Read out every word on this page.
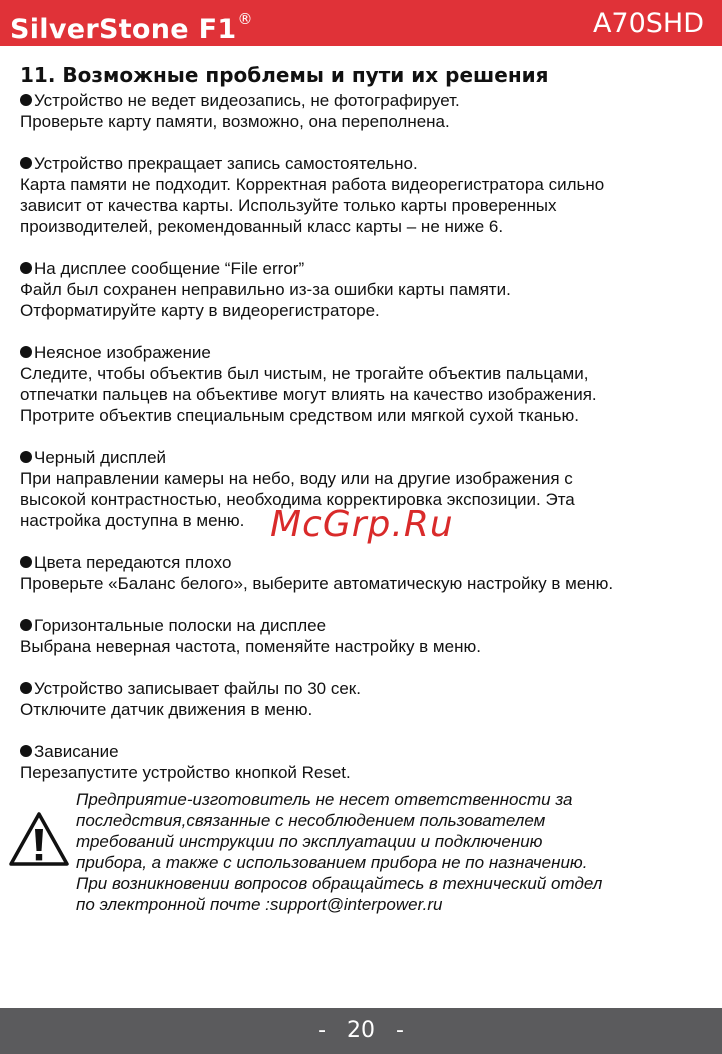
SilverStone F1®	A70SHD
11. Возможные проблемы и пути их решения

Устройство не ведет видеозапись, не фотографирует.

Проверьте карту памяти, возможно, она переполнена.

Устройство прекращает запись самостоятельно.

Карта памяти не подходит. Корректная работа видеорегистратора сильно
зависит от качества карты. Используйте только карты проверенных
производителей, рекомендованный класс карты – не ниже 6.

На дисплее сообщение “File error”

Файл был сохранен неправильно из-за ошибки карты памяти.
Отформатируйте карту в видеорегистраторе.

Неясное изображение

Следите, чтобы объектив был чистым, не трогайте объектив пальцами,
отпечатки пальцев на объективе могут влиять на качество изображения.
Протрите объектив специальным средством или мягкой сухой тканью.

Черный дисплей

При направлении камеры на небо, воду или на другие изображения с
высокой контрастностью, необходима корректировка экспозиции. Эта
настройка доступна в меню.

Цвета передаются плохо

Проверьте «Баланс белого», выберите автоматическую настройку в меню.

Горизонтальные полоски на дисплее

Выбрана неверная частота, поменяйте настройку в меню.

Устройство записывает файлы по 30 сек.

Отключите датчик движения в меню.

Зависание

Перезапустите устройство кнопкой Reset.

McGrp.Ru
Предприятие-изготовитель не несет ответственности за
последствия,связанные с несоблюдением пользователем
требований инструкции по эксплуатации и подключению
прибора, а также с использованием прибора не по назначению.
При возникновении вопросов обращайтесь в технический отдел
по электронной почте :support@interpower.ru
-   20   -
